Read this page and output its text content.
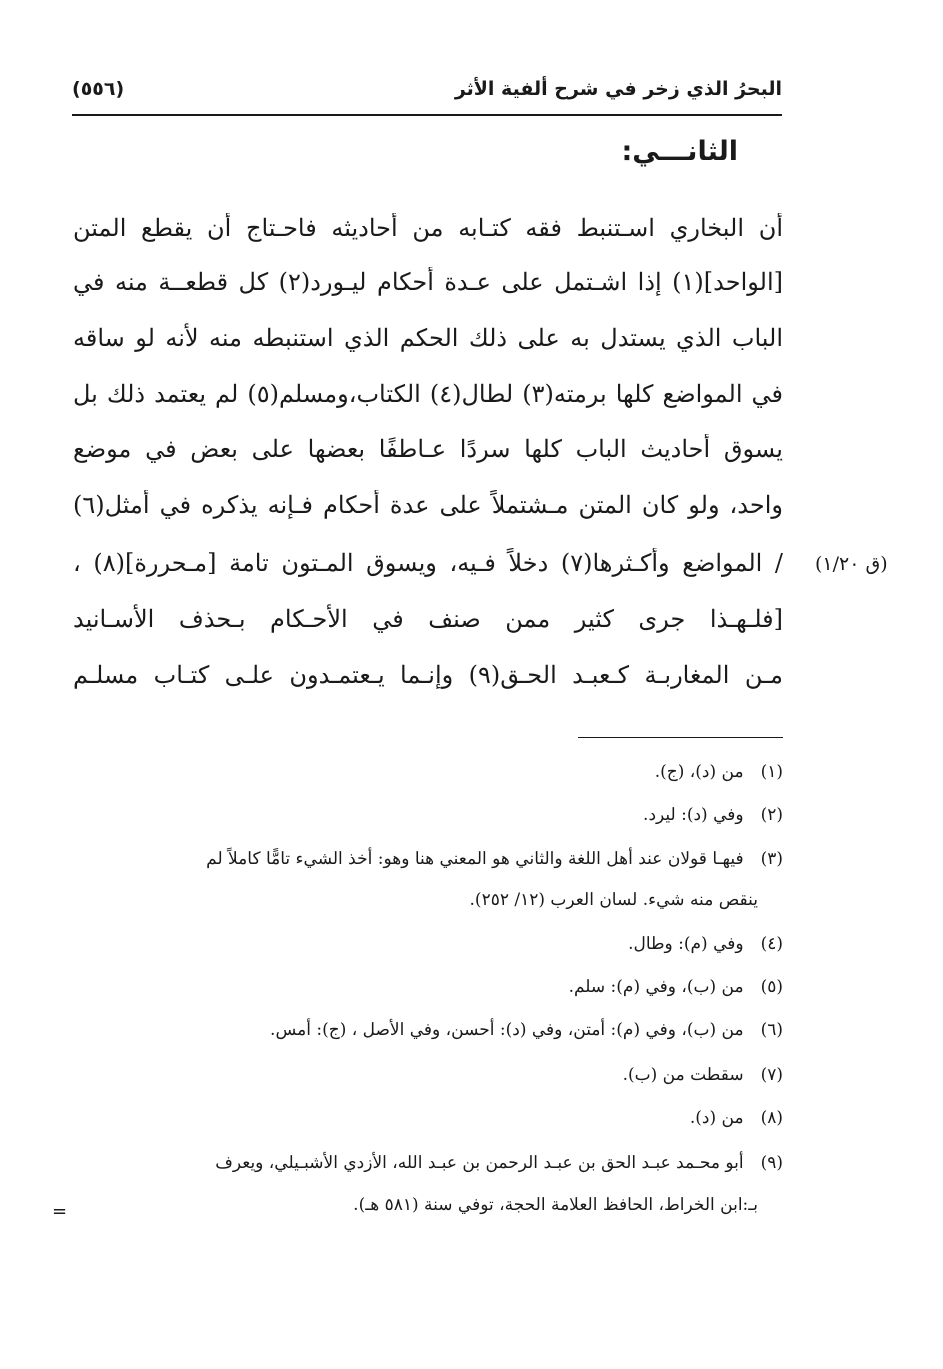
البحرُ الذي زخر في شرح ألفية الأثر
(٥٥٦)
الثانـــي:
أن البخاري اسـتنبط فقه كتـابه من أحاديثه فاحـتاج أن يقطع المتن
[الواحد](١) إذا اشـتمل على عـدة أحكام ليـورد(٢) كل قطعــة منه في
الباب الذي يستدل به على ذلك الحكم الذي استنبطه منه لأنه لو ساقه
في المواضع كلها برمته(٣) لطال(٤) الكتاب،ومسلم(٥) لم يعتمد ذلك بل
يسوق أحاديث الباب كلها سردًا عـاطفًا بعضها على بعض في موضع
واحد، ولو كان المتن مـشتملاً على عدة أحكام فـإنه يذكره في أمثل(٦)
/ المواضع وأكـثرها(٧) دخلاً فـيه، ويسوق المـتون تامة [مـحررة](٨) ،
[فلـهـذا جرى كثير ممن صنف في الأحـكام بـحذف الأسـانيد
مـن المغاربـة كـعبـد الحـق(٩) وإنـما يـعتمـدون علـى كتـاب مسلـم
(ق ١/٢٠)
(١) من (د)، (ج).
(٢) وفي (د): ليرد.
(٣) فيهـا قولان عند أهل اللغة والثاني هو المعني هنا وهو: أخذ الشيء تامًّا كاملاً لم
ينقص منه شيء. لسان العرب (١٢/ ٢٥٢).
(٤) وفي (م): وطال.
(٥) من (ب)، وفي (م): سلم.
(٦) من (ب)، وفي (م): أمتن، وفي (د): أحسن، وفي الأصل ، (ج): أمس.
(٧) سقطت من (ب).
(٨) من (د).
(٩) أبو محـمد عبـد الحق بن عبـد الرحمن بن عبـد الله، الأزدي الأشبـيلي، ويعرف
بـ:ابن الخراط، الحافظ العلامة الحجة، توفي سنة (٥٨١ هـ).
=
